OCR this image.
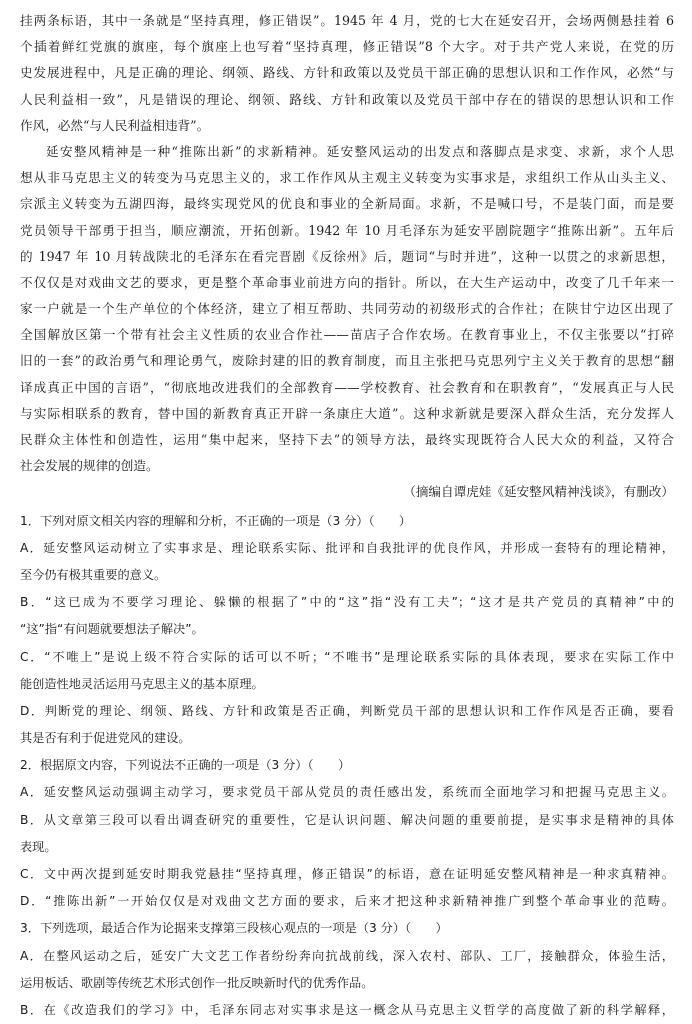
挂两条标语，其中一条就是“坚持真理，修正错误”。1945 年 4 月，党的七大在延安召开，会场两侧悬挂着 6
个插着鲜红党旗的旗座，每个旗座上也写着“坚持真理，修正错误”8 个大字。对于共产党人来说，在党的历
史发展进程中，凡是正确的理论、纲领、路线、方针和政策以及党员干部正确的思想认识和工作作风，必然“与
人民利益相一致”，凡是错误的理论、纲领、路线、方针和政策以及党员干部中存在的错误的思想认识和工作
作风，必然“与人民利益相违背”。
延安整风精神是一种“推陈出新”的求新精神。延安整风运动的出发点和落脚点是求变、求新，求个人思
想从非马克思主义的转变为马克思主义的，求工作作风从主观主义转变为实事求是，求组织工作从山头主义、
宗派主义转变为五湖四海，最终实现党风的优良和事业的全新局面。求新，不是喊口号，不是装门面，而是要
党员领导干部勇于担当，顺应潮流，开拓创新。1942 年 10 月毛泽东为延安平剧院题字“推陈出新”。五年后
的 1947 年 10 月转战陕北的毛泽东在看完晋剧《反徐州》后，题词“与时并进”，这种一以贯之的求新思想，
不仅仅是对戏曲文艺的要求，更是整个革命事业前进方向的指针。所以，在大生产运动中，改变了几千年来一
家一户就是一个生产单位的个体经济，建立了相互帮助、共同劳动的初级形式的合作社；在陕甘宁边区出现了
全国解放区第一个带有社会主义性质的农业合作社——苗店子合作农场。在教育事业上，不仅主张要以“打碎
旧的一套”的政治勇气和理论勇气，废除封建的旧的教育制度，而且主张把马克思列宁主义关于教育的思想“翻
译成真正中国的言语”，“彻底地改进我们的全部教育——学校教育、社会教育和在职教育”，“发展真正与人民
与实际相联系的教育，替中国的新教育真正开辟一条康庄大道”。这种求新就是要深入群众生活，充分发挥人
民群众主体性和创造性，运用“集中起来，坚持下去”的领导方法，最终实现既符合人民大众的利益，又符合
社会发展的规律的创造。
（摘编自谭虎娃《延安整风精神浅谈》，有删改）
1．下列对原文相关内容的理解和分析，不正确的一项是（3 分）（　　）
A．延安整风运动树立了实事求是、理论联系实际、批评和自我批评的优良作风，并形成一套特有的理论精神，
至今仍有极其重要的意义。
B．“这已成为不要学习理论、躲懒的根据了”中的“这”指“没有工夫”；“这才是共产党员的真精神”中的
“这”指“有问题就要想法子解决”。
C．“不唯上”是说上级不符合实际的话可以不听；“不唯书”是理论联系实际的具体表现，要求在实际工作中
能创造性地灵活运用马克思主义的基本原理。
D．判断党的理论、纲领、路线、方针和政策是否正确，判断党员干部的思想认识和工作作风是否正确，要看
其是否有利于促进党风的建设。
2．根据原文内容，下列说法不正确的一项是（3 分）（　　）
A．延安整风运动强调主动学习，要求党员干部从党员的责任感出发，系统而全面地学习和把握马克思主义。
B．从文章第三段可以看出调查研究的重要性，它是认识问题、解决问题的重要前提，是实事求是精神的具体
表现。
C．文中两次提到延安时期我党悬挂“坚持真理，修正错误”的标语，意在证明延安整风精神是一种求真精神。
D．“推陈出新”一开始仅仅是对戏曲文艺方面的要求，后来才把这种求新精神推广到整个革命事业的范畴。
3．下列选项，最适合作为论据来支撑第三段核心观点的一项是（3 分）（　　）
A．在整风运动之后，延安广大文艺工作者纷纷奔向抗战前线，深入农村、部队、工厂，接触群众，体验生活，
运用板话、歌剧等传统艺术形式创作一批反映新时代的优秀作品。
B．在《改造我们的学习》中，毛泽东同志对实事求是这一概念从马克思主义哲学的高度做了新的科学解释，
